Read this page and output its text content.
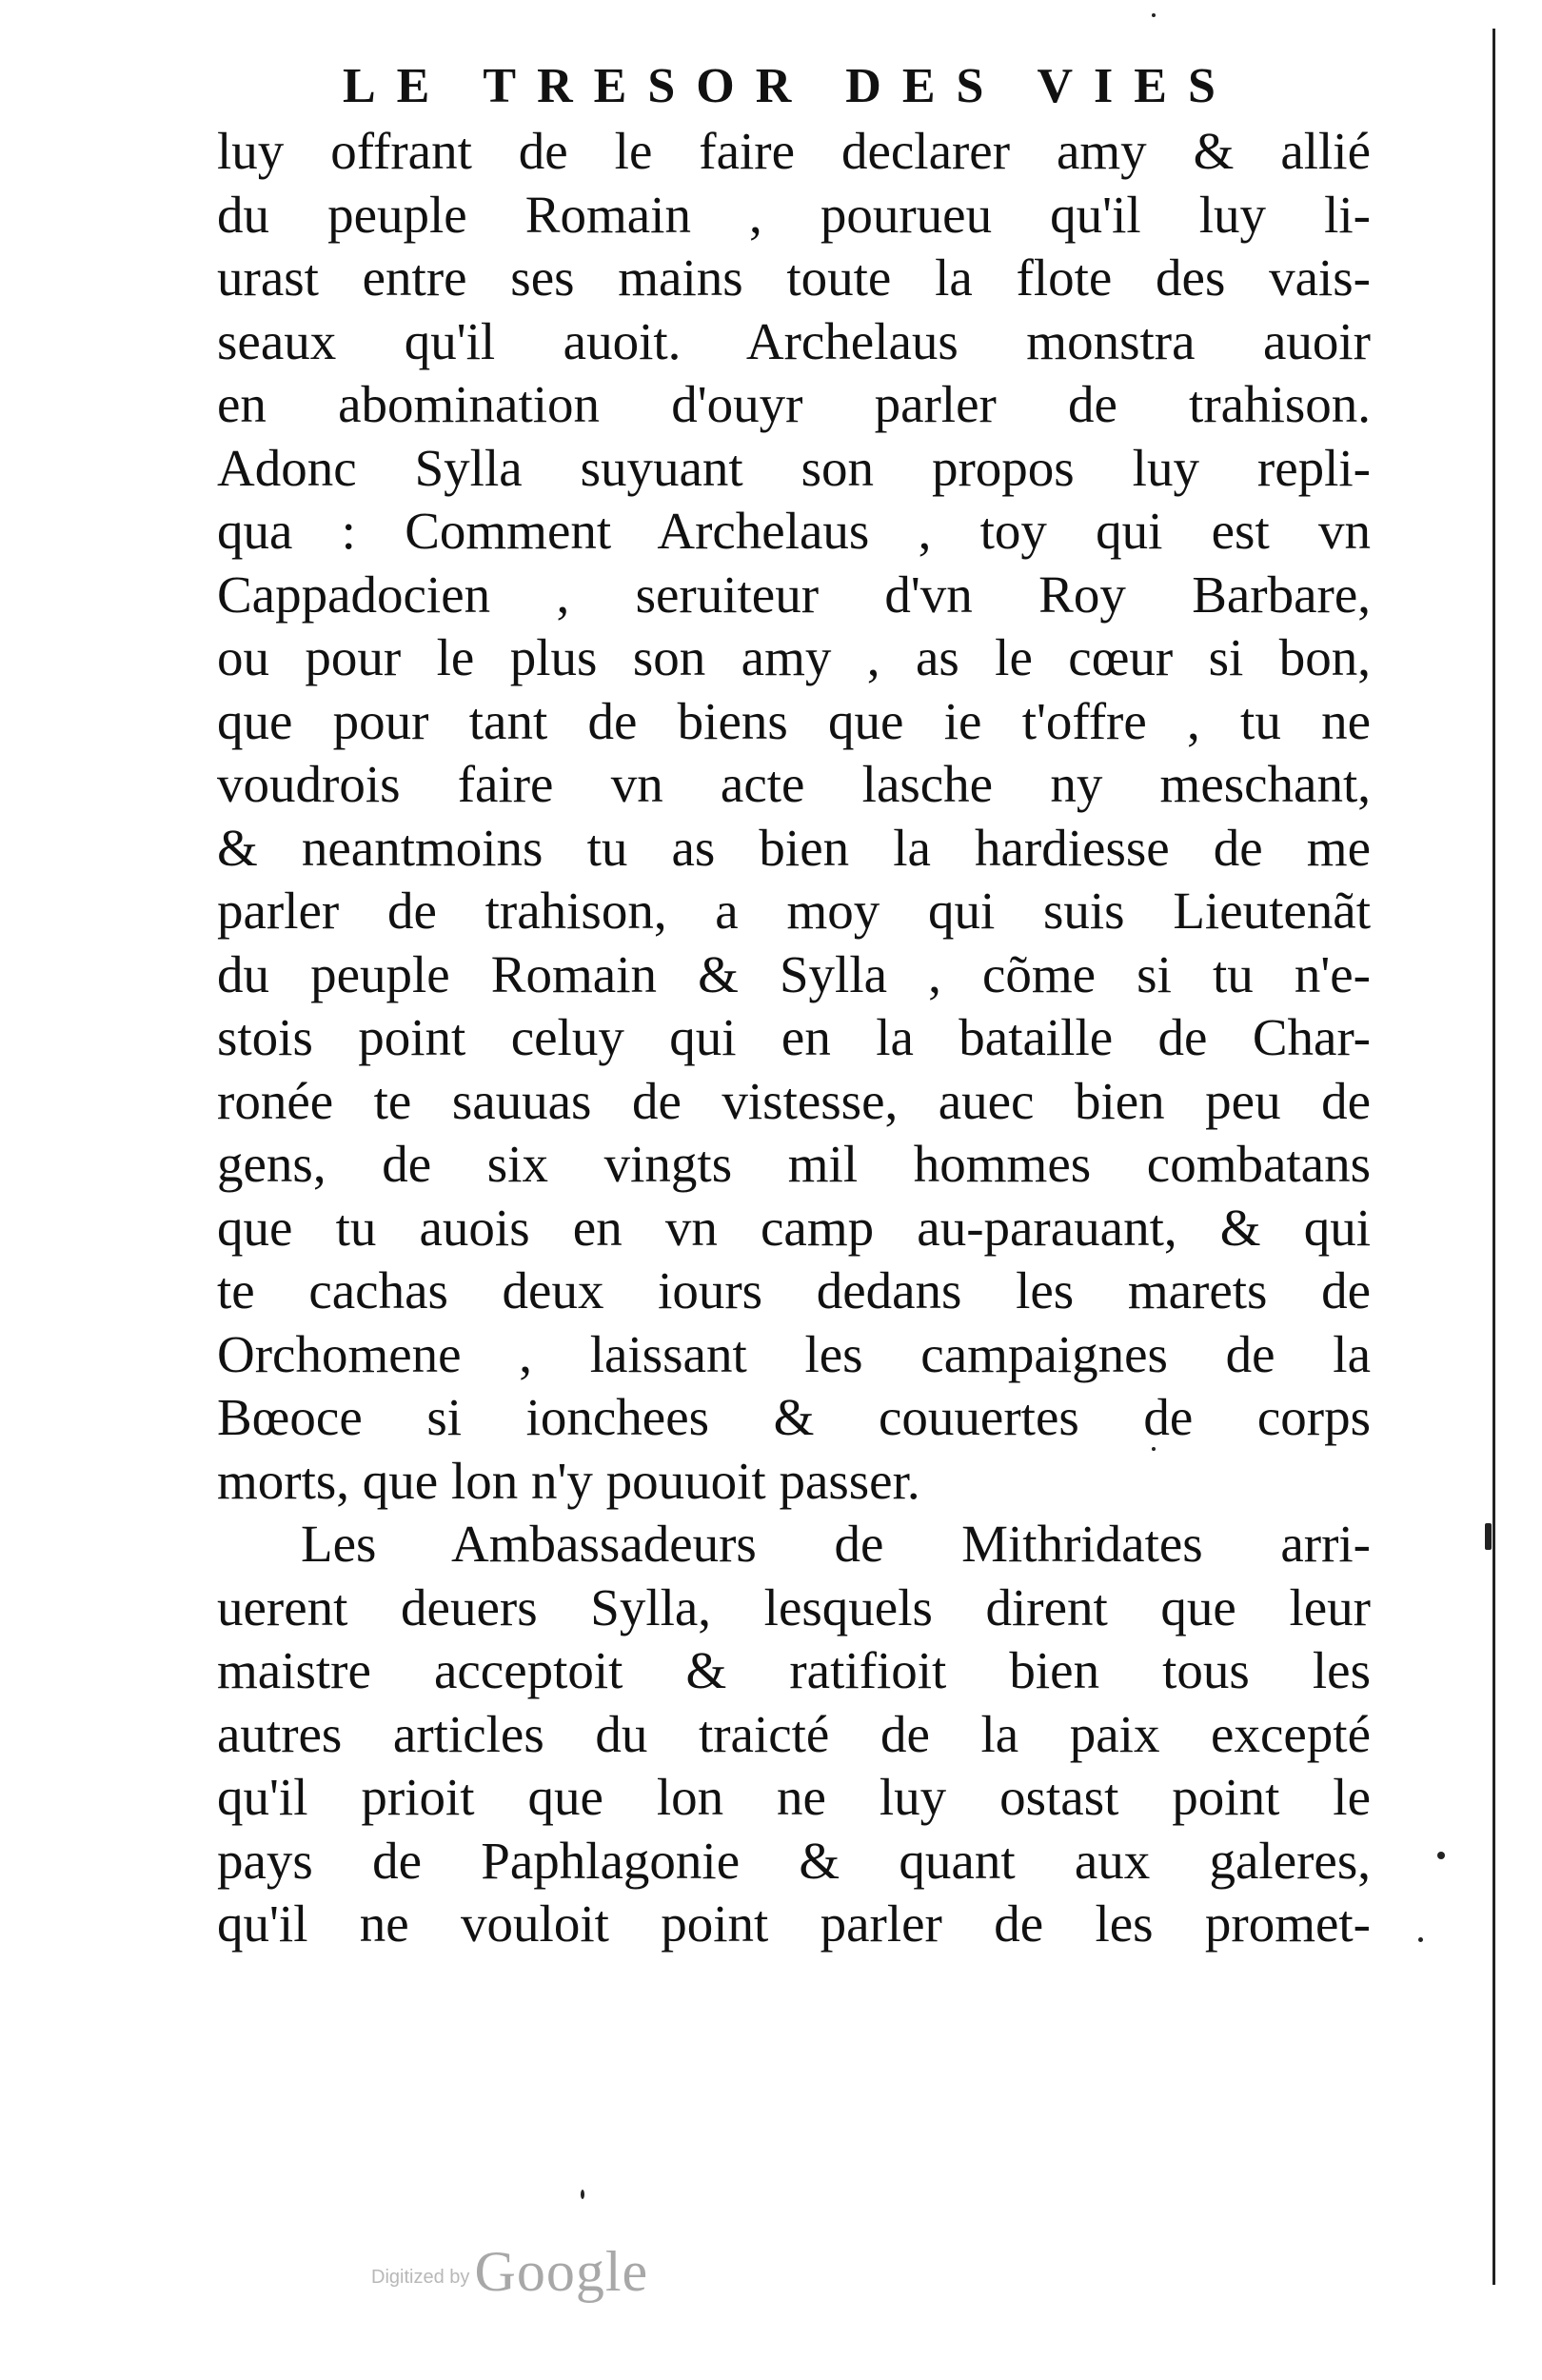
LE TRESOR DES VIES
luy offrant de le faire declarer amy & allié
du peuple Romain , pourueu qu'il luy li-
urast entre ses mains toute la flote des vais-
seaux qu'il auoit. Archelaus monstra auoir
en abomination d'ouyr parler de trahison.
Adonc Sylla suyuant son propos luy repli-
qua : Comment Archelaus , toy qui est vn
Cappadocien , seruiteur d'vn Roy Barbare,
ou pour le plus son amy , as le cœur si bon,
que pour tant de biens que ie t'offre , tu ne
voudrois faire vn acte lasche ny meschant,
& neantmoins tu as bien la hardiesse de me
parler de trahison, a moy qui suis Lieutenãt
du peuple Romain & Sylla , cõme si tu n'e-
stois point celuy qui en la bataille de Char-
ronée te sauuas de vistesse, auec bien peu de
gens, de six vingts mil hommes combatans
que tu auois en vn camp au-parauant, & qui
te cachas deux iours dedans les marets de
Orchomene , laissant les campaignes de la
Bœoce si ionchees & couuertes de corps
morts, que lon n'y pouuoit passer.
Les Ambassadeurs de Mithridates arri-
uerent deuers Sylla, lesquels dirent que leur
maistre acceptoit & ratifioit bien tous les
autres articles du traicté de la paix excepté
qu'il prioit que lon ne luy ostast point le
pays de Paphlagonie & quant aux galeres,
qu'il ne vouloit point parler de les promet-
Digitized by Google
